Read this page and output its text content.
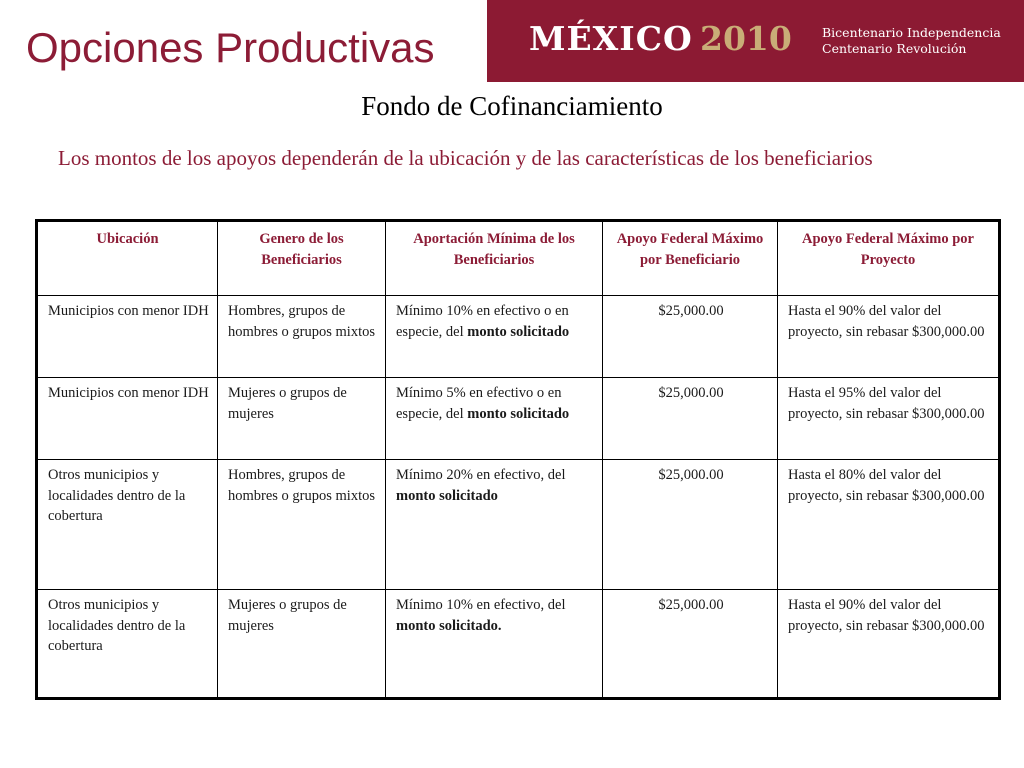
Opciones Productivas	MÉXICO 2010 Bicentenario Independencia
Centenario Revolución
Fondo de Cofinanciamiento

Los montos de los apoyos dependerán de la ubicación y de las características de los beneficiarios

Ubicación	Genero de los Beneficiarios	Aportación Mínima de los Beneficiarios	Apoyo Federal Máximo por Beneficiario	Apoyo Federal Máximo por Proyecto
Municipios con menor IDH	Hombres, grupos de hombres o grupos mixtos	Mínimo 10% en efectivo o en especie, del monto solicitado	$25,000.00	Hasta el 90% del valor del proyecto, sin rebasar $300,000.00
Municipios con menor IDH	Mujeres o grupos de mujeres	Mínimo 5% en efectivo o en especie, del monto solicitado	$25,000.00	Hasta el 95% del valor del proyecto, sin rebasar $300,000.00
Otros municipios y localidades dentro de la cobertura	Hombres, grupos de hombres o grupos mixtos	Mínimo 20% en efectivo, del monto solicitado	$25,000.00	Hasta el 80% del valor del proyecto, sin rebasar $300,000.00
Otros municipios y localidades dentro de la cobertura	Mujeres o grupos de mujeres	Mínimo 10% en efectivo, del monto solicitado.	$25,000.00	Hasta el 90% del valor del proyecto, sin rebasar $300,000.00
